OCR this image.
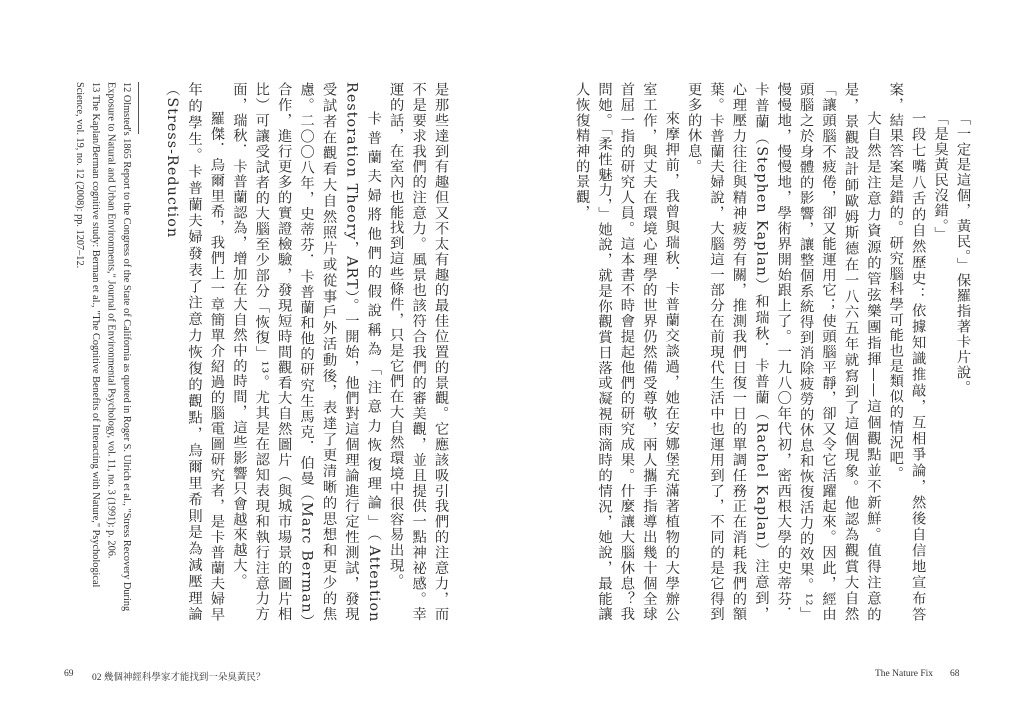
「一定是這個，黃民。」保羅指著卡片說。

「是臭黃民沒錯。」

一段七嘴八舌的自然歷史：依據知識推敲，互相爭論，然後自信地宣布答案，結果答案是錯的。研究腦科學可能也是類似的情況吧。

大自然是注意力資源的管弦樂團指揮——這個觀點並不新鮮。值得注意的是，景觀設計師歐姆斯德在一八六五年就寫到了這個現象。他認為觀賞大自然「讓頭腦不疲倦，卻又能運用它；使頭腦平靜，卻又令它活躍起來。因此，經由頭腦之於身體的影響，讓整個系統得到消除疲勞的休息和恢復活力的效果。¹²」慢慢地，慢慢地，學術界開始跟上了。一九八〇年代初，密西根大學的史蒂芬．卡普蘭（Stephen Kaplan）和瑞秋．卡普蘭（Rachel Kaplan）注意到，心理壓力往往與精神疲勞有關，推測我們日復一日的單調任務正在消耗我們的額葉。卡普蘭夫婦說，大腦這一部分在前現代生活中也運用到了，不同的是它得到更多的休息。

來摩押前，我曾與瑞秋．卡普蘭交談過，她在安娜堡充滿著植物的大學辦公室工作，與丈夫在環境心理學的世界仍然備受尊敬，兩人攜手指導出幾十個全球首屈一指的研究人員。這本書不時會提起他們的研究成果。什麼讓大腦休息？我問她。「柔性魅力，」她說，就是你觀賞日落或凝視雨滴時的情況，她說，最能讓人恢復精神的景觀，

是那些達到有趣但又不太有趣的最佳位置的景觀。它應該吸引我們的注意力，而不是要求我們的注意力。風景也該符合我們的審美觀，並且提供一點神祕感。幸運的話，在室內也能找到這些條件，只是它們在大自然環境中很容易出現。

卡普蘭夫婦將他們的假說稱為「注意力恢復理論」（Attention Restoration Theory，ART）。一開始，他們對這個理論進行定性測試，發現受試者在觀看大自然照片或從事戶外活動後，表達了更清晰的思想和更少的焦慮。二〇〇八年，史蒂芬．卡普蘭和他的研究生馬克．伯曼（Marc Berman）合作，進行更多的實證檢驗，發現短時間觀看大自然圖片（與城市場景的圖片相比）可讓受試者的大腦至少部分「恢復」¹³。尤其是在認知表現和執行注意力方面，瑞秋．卡普蘭認為，增加在大自然中的時間，這些影響只會越來越大。

羅傑．烏爾里希，我們上一章簡單介紹過的腦電圖研究者，是卡普蘭夫婦早年的學生。卡普蘭夫婦發表了注意力恢復的觀點，烏爾里希則是為減壓理論（Stress-Reduction

12 Olmsted's 1865 Report to the Congress of the State of California as quoted in Roger S. Ulrich et al., "Stress Recovery During Exposure to Natural and Urban Environments," Journal of Environmental Psychology, vol. 11, no. 3 (1991): p. 206.

13 The Kaplan/Berman cognitive study: Berman et al., "The Cognitive Benefits of Interacting with Nature," Psychological Science, vol. 19, no. 12 (2008): pp. 1207–12.

69 02 幾個神經科學家才能找到一朵臭黃民？	The Nature Fix 68
